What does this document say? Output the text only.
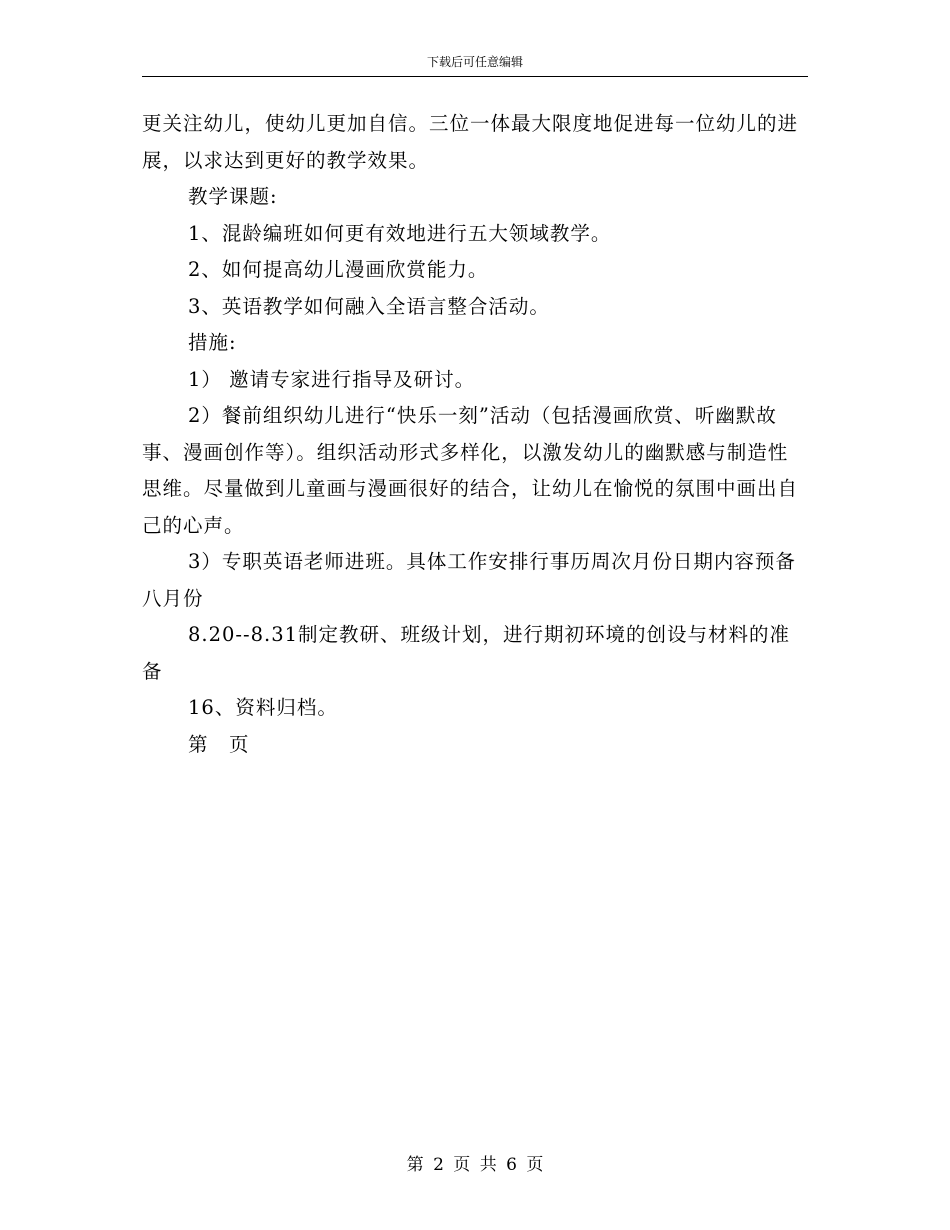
下载后可任意编辑

更关注幼儿，使幼儿更加自信。三位一体最大限度地促进每一位幼儿的进展，以求达到更好的教学效果。

教学课题:

1、混龄编班如何更有效地进行五大领域教学。

2、如何提高幼儿漫画欣赏能力。

3、英语教学如何融入全语言整合活动。

措施:

1） 邀请专家进行指导及研讨。

2）餐前组织幼儿进行“快乐一刻”活动（包括漫画欣赏、听幽默故事、漫画创作等）。组织活动形式多样化，以激发幼儿的幽默感与制造性思维。尽量做到儿童画与漫画很好的结合，让幼儿在愉悦的氛围中画出自己的心声。

3）专职英语老师进班。具体工作安排行事历周次月份日期内容预备八月份

8.20--8.31制定教研、班级计划，进行期初环境的创设与材料的准备

16、资料归档。

第　页

第 2 页 共 6 页
